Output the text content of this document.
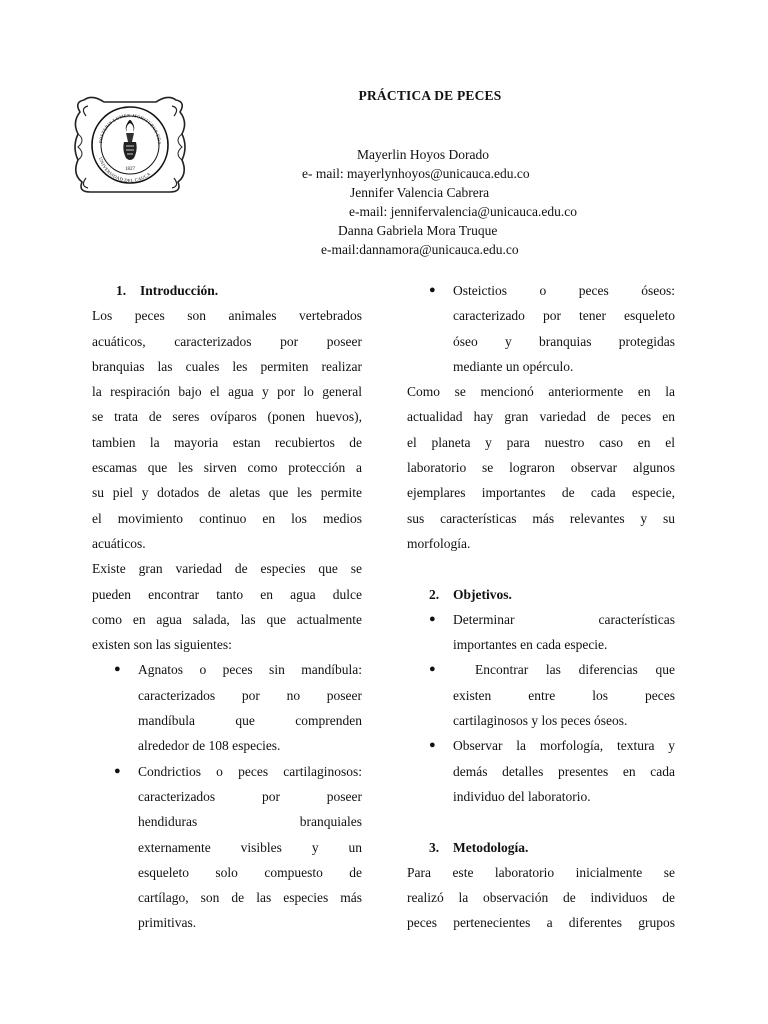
PRÁCTICA DE PECES
POSTERIS LUMEN MORITURUS EDA
UNIVERSIDAD DEL CAUCA
1827
Mayerlin Hoyos Dorado
e- mail: mayerlynhoyos@unicauca.edu.co
Jennifer Valencia Cabrera
e-mail: jennifervalencia@unicauca.edu.co
Danna Gabriela Mora Truque
e-mail:dannamora@unicauca.edu.co
1. Introducción.
Los peces son animales vertebrados
acuáticos, caracterizados por poseer
branquias las cuales les permiten realizar
la respiración bajo el agua y por lo general
se trata de seres ovíparos (ponen huevos),
tambien la mayoria estan recubiertos de
escamas que les sirven como protección a
su piel y dotados de aletas que les permite
el movimiento continuo en los medios
acuáticos.
Existe gran variedad de especies que se
pueden encontrar tanto en agua dulce
como en agua salada, las que actualmente
existen son las siguientes:
● Agnatos o peces sin mandíbula:
caracterizados por no poseer
mandíbula que comprenden
alrededor de 108 especies.
● Condrictios o peces cartilaginosos:
caracterizados por poseer
hendiduras branquiales
externamente visibles y un
esqueleto solo compuesto de
cartílago, son de las especies más
primitivas.
● Osteictios o peces óseos:
caracterizado por tener esqueleto
óseo y branquias protegidas
mediante un opérculo.
Como se mencionó anteriormente en la
actualidad hay gran variedad de peces en
el planeta y para nuestro caso en el
laboratorio se lograron observar algunos
ejemplares importantes de cada especie,
sus características más relevantes y su
morfología.
2. Objetivos.
● Determinar características
importantes en cada especie.
●	Encontrar las diferencias que
existen entre los peces
cartilaginosos y los peces óseos.
● Observar la morfología, textura y
demás detalles presentes en cada
individuo del laboratorio.
3. Metodología.
Para este laboratorio inicialmente se
realizó la observación de individuos de
peces pertenecientes a diferentes grupos
